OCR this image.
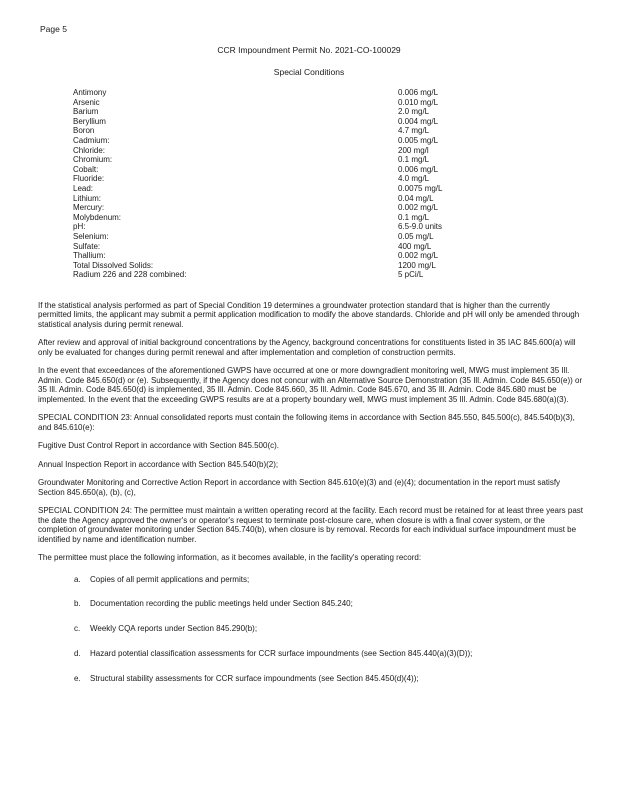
Page 5
CCR Impoundment Permit No. 2021-CO-100029
Special Conditions
Antimony	0.006 mg/L
Arsenic	0.010 mg/L
Barium	2.0 mg/L
Beryllium	0.004 mg/L
Boron	4.7 mg/L
Cadmium:	0.005 mg/L
Chloride:	200 mg/l
Chromium:	0.1 mg/L
Cobalt:	0.006 mg/L
Fluoride:	4.0 mg/L
Lead:	0.0075 mg/L
Lithium:	0.04 mg/L
Mercury:	0.002 mg/L
Molybdenum:	0.1 mg/L
pH:	6.5-9.0 units
Selenium:	0.05 mg/L
Sulfate:	400 mg/L
Thallium:	0.002 mg/L
Total Dissolved Solids:	1200 mg/L
Radium 226 and 228 combined:	5 pCi/L

If the statistical analysis performed as part of Special Condition 19 determines a groundwater protection standard that is higher than the currently permitted limits, the applicant may submit a permit application modification to modify the above standards. Chloride and pH will only be amended through statistical analysis during permit renewal.

After review and approval of initial background concentrations by the Agency, background concentrations for constituents listed in 35 IAC 845.600(a) will only be evaluated for changes during permit renewal and after implementation and completion of construction permits.

In the event that exceedances of the aforementioned GWPS have occurred at one or more downgradient monitoring well, MWG must implement 35 Ill. Admin. Code 845.650(d) or (e). Subsequently, if the Agency does not concur with an Alternative Source Demonstration (35 Ill. Admin. Code 845.650(e)) or 35 Ill. Admin. Code 845.650(d) is implemented, 35 Ill. Admin. Code 845.660, 35 Ill. Admin. Code 845.670, and 35 Ill. Admin. Code 845.680 must be implemented. In the event that the exceeding GWPS results are at a property boundary well, MWG must implement 35 Ill. Admin. Code 845.680(a)(3).

SPECIAL CONDITION 23: Annual consolidated reports must contain the following items in accordance with Section 845.550, 845.500(c), 845.540(b)(3), and 845.610(e):

Fugitive Dust Control Report in accordance with Section 845.500(c).

Annual Inspection Report in accordance with Section 845.540(b)(2);

Groundwater Monitoring and Corrective Action Report in accordance with Section 845.610(e)(3) and (e)(4); documentation in the report must satisfy Section 845.650(a), (b), (c),

SPECIAL CONDITION 24: The permittee must maintain a written operating record at the facility. Each record must be retained for at least three years past the date the Agency approved the owner's or operator's request to terminate post-closure care, when closure is with a final cover system, or the completion of groundwater monitoring under Section 845.740(b), when closure is by removal. Records for each individual surface impoundment must be identified by name and identification number.

The permittee must place the following information, as it becomes available, in the facility's operating record:

a.	Copies of all permit applications and permits;
b.	Documentation recording the public meetings held under Section 845.240;
c.	Weekly CQA reports under Section 845.290(b);
d.	Hazard potential classification assessments for CCR surface impoundments (see Section 845.440(a)(3)(D));
e.	Structural stability assessments for CCR surface impoundments (see Section 845.450(d)(4));
